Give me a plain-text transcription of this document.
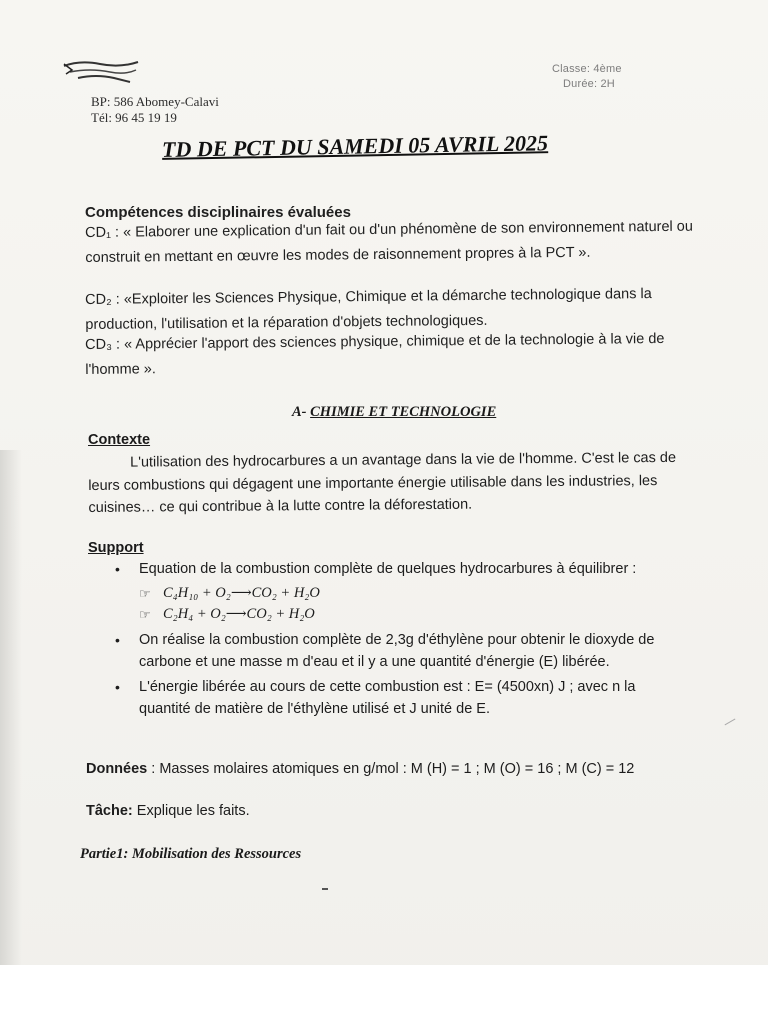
BP: 586 Abomey-Calavi
Tél: 96 45 19 19
Classe: 4ème
Durée: 2H
TD DE PCT DU SAMEDI 05 AVRIL 2025
Compétences disciplinaires évaluées
CD₁ : « Elaborer une explication d'un fait ou d'un phénomène de son environnement naturel ou construit en mettant en œuvre les modes de raisonnement propres à la PCT ».
CD₂ : «Exploiter les Sciences Physique, Chimique et la démarche technologique dans la production, l'utilisation et la réparation d'objets technologiques.
CD₃ : « Apprécier l'apport des sciences physique, chimique et de la technologie à la vie de l'homme ».
A- CHIMIE ET TECHNOLOGIE
Contexte
L'utilisation des hydrocarbures a un avantage dans la vie de l'homme. C'est le cas de leurs combustions qui dégagent une importante énergie utilisable dans les industries, les cuisines… ce qui contribue à la lutte contre la déforestation.
Support
• Equation de la combustion complète de quelques hydrocarbures à équilibrer :
☞ C₄H₁₀ + O₂⟶CO₂ + H₂O
☞ C₂H₄ + O₂⟶CO₂ + H₂O
• On réalise la combustion complète de 2,3g d'éthylène pour obtenir le dioxyde de carbone et une masse m d'eau et il y a une quantité d'énergie (E) libérée.
• L'énergie libérée au cours de cette combustion est : E= (4500xn) J ; avec n la quantité de matière de l'éthylène utilisé et J unité de E.
Données : Masses molaires atomiques en g/mol : M (H) = 1 ; M (O) = 16 ; M (C) = 12
Tâche: Explique les faits.
Partie1: Mobilisation des Ressources
